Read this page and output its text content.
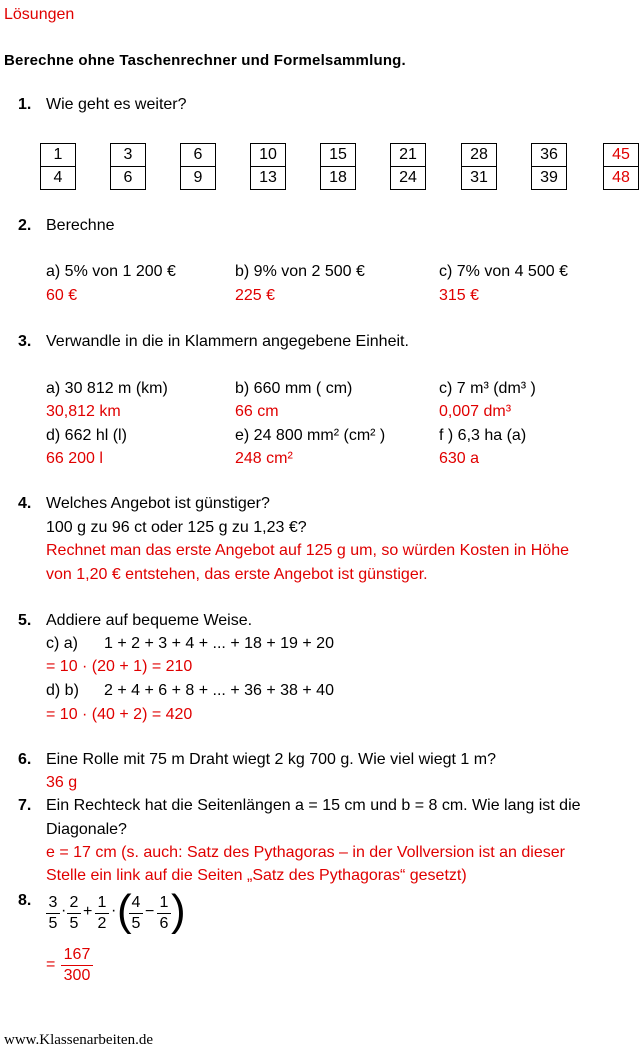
Lösungen
Berechne ohne Taschenrechner und Formelsammlung.
1. Wie geht es weiter?
1
4
3
6
6
9
10
13
15
18
21
24
28
31
36
39
45
48
2. Berechne
a) 5% von 1 200 €
60 €
b) 9% von 2 500 €
225 €
c) 7% von 4 500 €
315 €
3. Verwandle in die in Klammern angegebene Einheit.
a) 30 812 m (km)
30,812 km
b) 660 mm ( cm)
66 cm
c) 7 m³ (dm³ )
0,007 dm³
d) 662 hl (l)
66 200 l
e) 24 800 mm² (cm² )
248 cm²
f ) 6,3 ha (a)
630 a
4. Welches Angebot ist günstiger?
100 g zu 96 ct oder 125 g zu 1,23 €?
Rechnet man das erste Angebot auf 125 g um, so würden Kosten in Höhe
von 1,20 € entstehen, das erste Angebot ist günstiger.
5. Addiere auf bequeme Weise.
c) a) 1 + 2 + 3 + 4 + ... + 18 + 19 + 20
= 10 · (20 + 1) = 210
d) b) 2 + 4 + 6 + 8 + ... + 36 + 38 + 40
= 10 · (40 + 2) = 420
6. Eine Rolle mit 75 m Draht wiegt 2 kg 700 g. Wie viel wiegt 1 m?
36 g
7. Ein Rechteck hat die Seitenlängen a = 15 cm und b = 8 cm. Wie lang ist die
Diagonale?
e = 17 cm (s. auch: Satz des Pythagoras – in der Vollversion ist an dieser
Stelle ein link auf die Seiten „Satz des Pythagoras“ gesetzt)
8. $\frac{3}{5} \cdot \frac{2}{5} + \frac{1}{2}$ · (
$\frac{4}{5} - \frac{1}{6}$ )
= $\frac{167}{300}$
www.Klassenarbeiten.de
